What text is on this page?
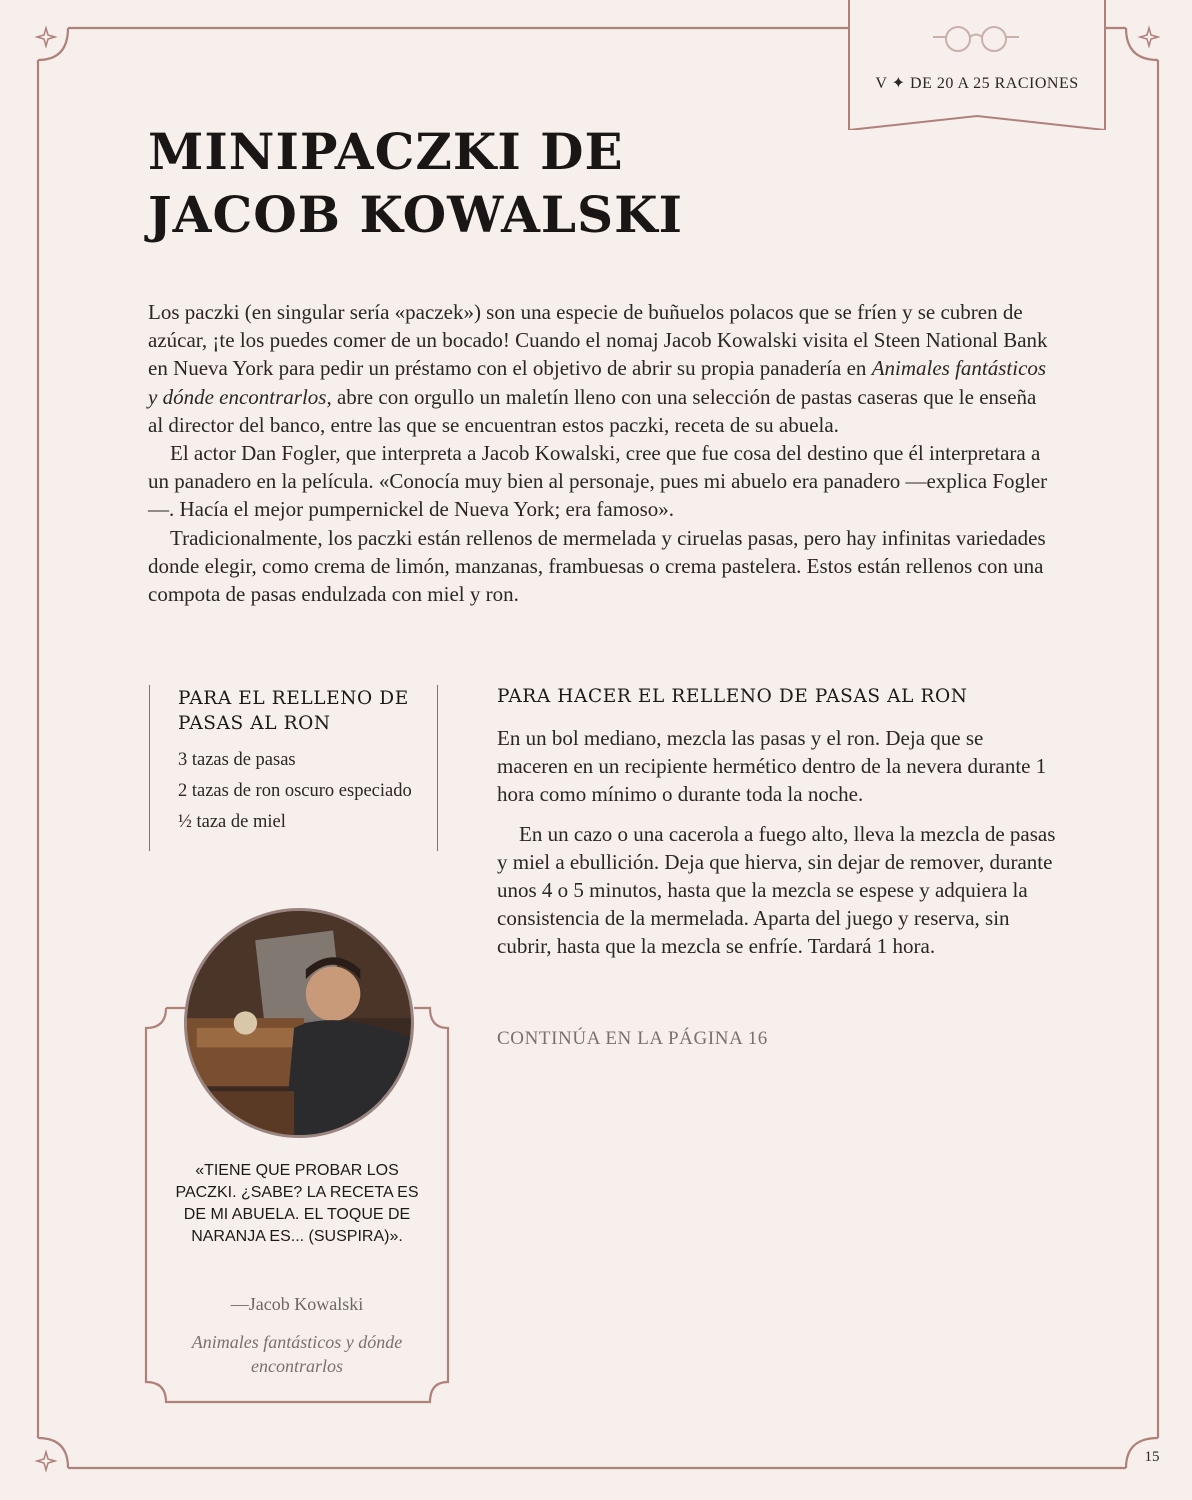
V ✦ DE 20 A 25 RACIONES
MINIPACZKI DE
JACOB KOWALSKI

Los paczki (en singular sería «paczek») son una especie de buñuelos polacos que se fríen y se cubren de azúcar, ¡te los puedes comer de un bocado! Cuando el nomaj Jacob Kowalski visita el Steen National Bank en Nueva York para pedir un préstamo con el objetivo de abrir su propia panadería en Animales fantásticos y dónde encontrarlos, abre con orgullo un maletín lleno con una selección de pastas caseras que le enseña al director del banco, entre las que se encuentran estos paczki, receta de su abuela.

El actor Dan Fogler, que interpreta a Jacob Kowalski, cree que fue cosa del destino que él interpretara a un panadero en la película. «Conocía muy bien al personaje, pues mi abuelo era panadero —explica Fogler—. Hacía el mejor pumpernickel de Nueva York; era famoso».

Tradicionalmente, los paczki están rellenos de mermelada y ciruelas pasas, pero hay infinitas variedades donde elegir, como crema de limón, manzanas, frambuesas o crema pastelera. Estos están rellenos con una compota de pasas endulzada con miel y ron.

PARA EL RELLENO DE PASAS AL RON
3 tazas de pasas
2 tazas de ron oscuro especiado
½ taza de miel
PARA HACER EL RELLENO DE PASAS AL RON

En un bol mediano, mezcla las pasas y el ron. Deja que se maceren en un recipiente hermético dentro de la nevera durante 1 hora como mínimo o durante toda la noche.

En un cazo o una cacerola a fuego alto, lleva la mezcla de pasas y miel a ebullición. Deja que hierva, sin dejar de remover, durante unos 4 o 5 minutos, hasta que la mezcla se espese y adquiera la consistencia de la mermelada. Aparta del juego y reserva, sin cubrir, hasta que la mezcla se enfríe. Tardará 1 hora.

CONTINÚA EN LA PÁGINA 16
«TIENE QUE PROBAR LOS PACZKI. ¿SABE? LA RECETA ES DE MI ABUELA. EL TOQUE DE NARANJA ES... (SUSPIRA)».
—Jacob Kowalski
Animales fantásticos y dónde encontrarlos
15
